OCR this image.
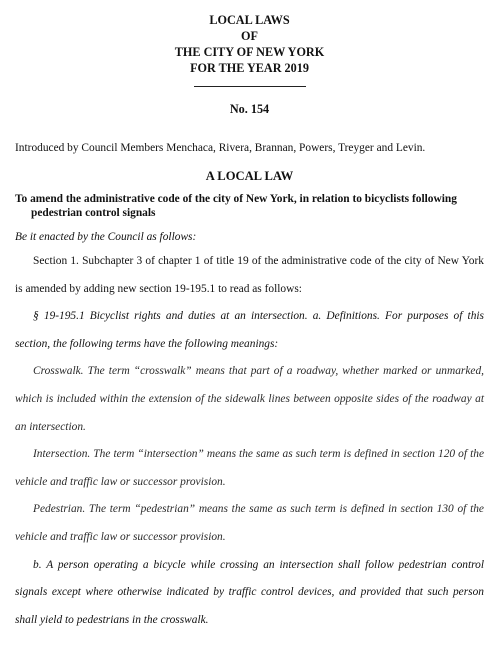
LOCAL LAWS
OF
THE CITY OF NEW YORK
FOR THE YEAR 2019
No. 154
Introduced by Council Members Menchaca, Rivera, Brannan, Powers, Treyger and Levin.
A LOCAL LAW
To amend the administrative code of the city of New York, in relation to bicyclists following
pedestrian control signals
Be it enacted by the Council as follows:

Section 1. Subchapter 3 of chapter 1 of title 19 of the administrative code of the city of New York is amended by adding new section 19-195.1 to read as follows:

§ 19-195.1 Bicyclist rights and duties at an intersection. a. Definitions. For purposes of this section, the following terms have the following meanings:

Crosswalk. The term “crosswalk” means that part of a roadway, whether marked or unmarked, which is included within the extension of the sidewalk lines between opposite sides of the roadway at an intersection.

Intersection. The term “intersection” means the same as such term is defined in section 120 of the vehicle and traffic law or successor provision.

Pedestrian. The term “pedestrian” means the same as such term is defined in section 130 of the vehicle and traffic law or successor provision.

b. A person operating a bicycle while crossing an intersection shall follow pedestrian control signals except where otherwise indicated by traffic control devices, and provided that such person shall yield to pedestrians in the crosswalk.
